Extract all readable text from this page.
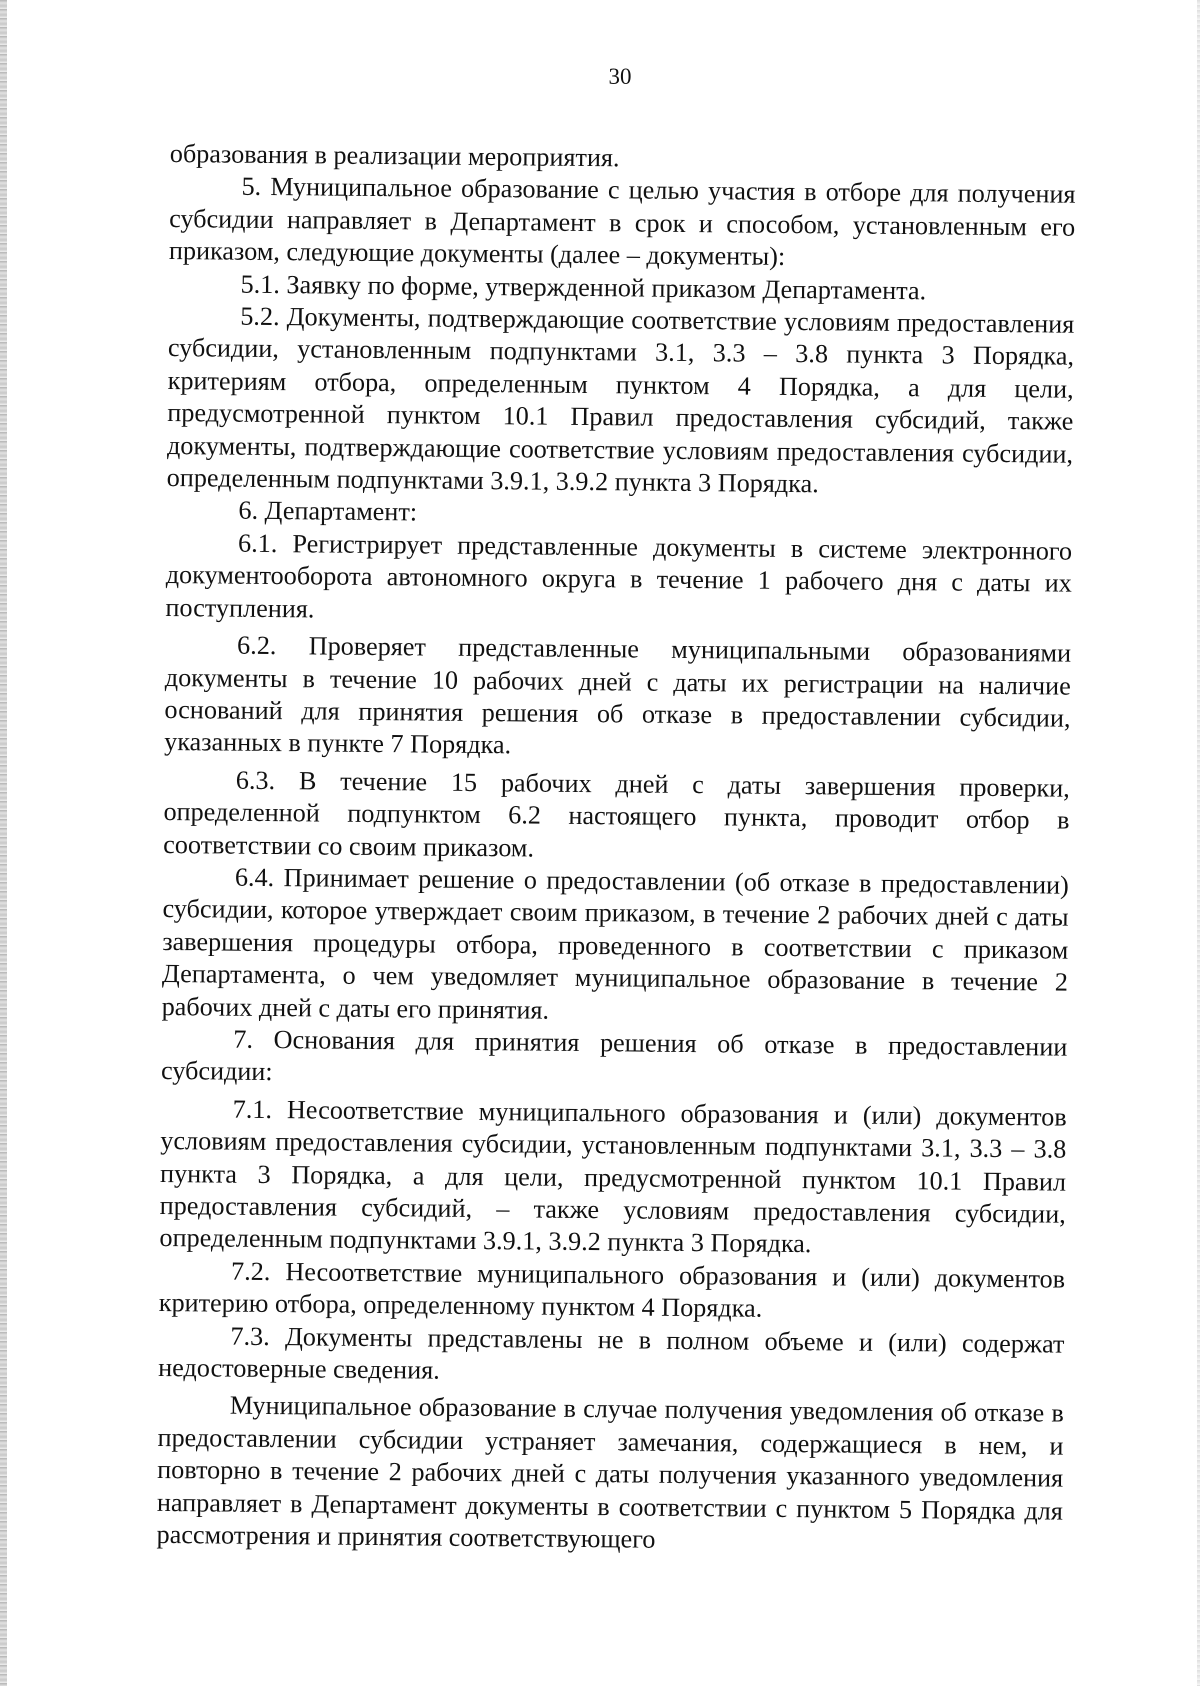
30

образования в реализации мероприятия.

5. Муниципальное образование с целью участия в отборе для получения субсидии направляет в Департамент в срок и способом, установленным его приказом, следующие документы (далее – документы):

5.1. Заявку по форме, утвержденной приказом Департамента.

5.2. Документы, подтверждающие соответствие условиям предоставления субсидии, установленным подпунктами 3.1, 3.3 – 3.8 пункта 3 Порядка, критериям отбора, определенным пунктом 4 Порядка, а для цели, предусмотренной пунктом 10.1 Правил предоставления субсидий, также документы, подтверждающие соответствие условиям предоставления субсидии, определенным подпунктами 3.9.1, 3.9.2 пункта 3 Порядка.

6. Департамент:

6.1. Регистрирует представленные документы в системе электронного документооборота автономного округа в течение 1 рабочего дня с даты их поступления.

6.2. Проверяет представленные муниципальными образованиями документы в течение 10 рабочих дней с даты их регистрации на наличие оснований для принятия решения об отказе в предоставлении субсидии, указанных в пункте 7 Порядка.

6.3. В течение 15 рабочих дней с даты завершения проверки, определенной подпунктом 6.2 настоящего пункта, проводит отбор в соответствии со своим приказом.

6.4. Принимает решение о предоставлении (об отказе в предоставлении) субсидии, которое утверждает своим приказом, в течение 2 рабочих дней с даты завершения процедуры отбора, проведенного в соответствии с приказом Департамента, о чем уведомляет муниципальное образование в течение 2 рабочих дней с даты его принятия.

7. Основания для принятия решения об отказе в предоставлении субсидии:

7.1. Несоответствие муниципального образования и (или) документов условиям предоставления субсидии, установленным подпунктами 3.1, 3.3 – 3.8 пункта 3 Порядка, а для цели, предусмотренной пунктом 10.1 Правил предоставления субсидий, – также условиям предоставления субсидии, определенным подпунктами 3.9.1, 3.9.2 пункта 3 Порядка.

7.2. Несоответствие муниципального образования и (или) документов критерию отбора, определенному пунктом 4 Порядка.

7.3. Документы представлены не в полном объеме и (или) содержат недостоверные сведения.

Муниципальное образование в случае получения уведомления об отказе в предоставлении субсидии устраняет замечания, содержащиеся в нем, и повторно в течение 2 рабочих дней с даты получения указанного уведомления направляет в Департамент документы в соответствии с пунктом 5 Порядка для рассмотрения и принятия соответствующего
